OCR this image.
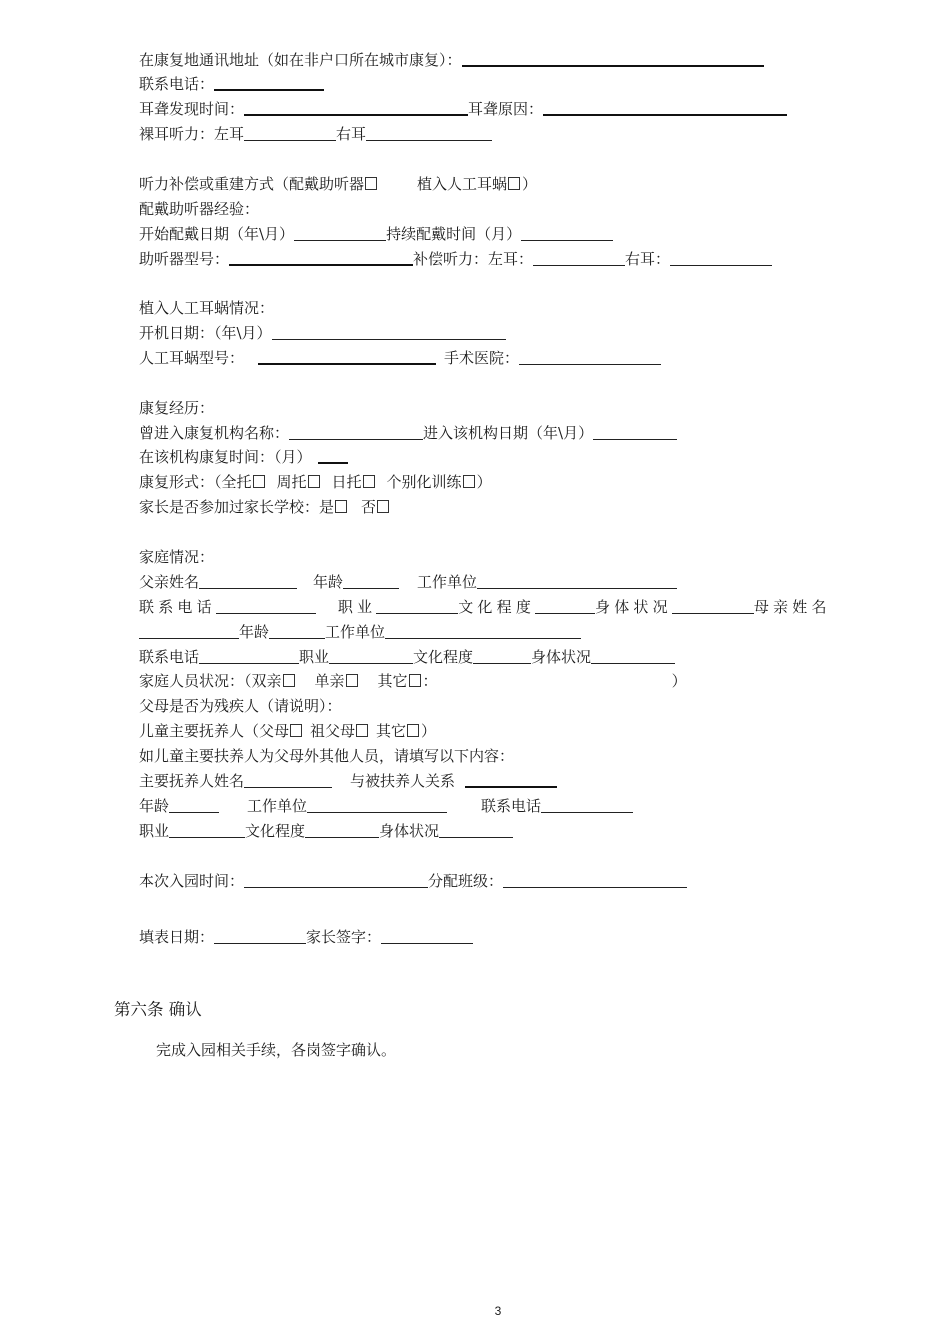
在康复地通讯地址（如在非户口所在城市康复）：
联系电话：
耳聋发现时间：	耳聋原因：
裸耳听力：左耳	右耳
听力补偿或重建方式（配戴助听器	植入人工耳蜗 ）
配戴助听器经验：
开始配戴日期（年\月）	持续配戴时间（月）
助听器型号：	补偿听力：左耳：	右耳：
植入人工耳蜗情况：
开机日期：（年\月）
人工耳蜗型号：	手术医院：
康复经历：
曾进入康复机构名称：	进入该机构日期（年\月）
在该机构康复时间：（月）
康复形式：（全托 周托 日托 个别化训练 ）
家长是否参加过家长学校：是 否
家庭情况：
父亲姓名	年龄	工作单位
联系电话	职业	文化程度	身体状况	母亲姓名
年龄	工作单位
联系电话	职业	文化程度	身体状况
家庭人员状况：（双亲 单亲 其它 ：	）
父母是否为残疾人（请说明）：
儿童主要抚养人（父母 祖父母 其它 ）
如儿童主要扶养人为父母外其他人员，请填写以下内容：
主要抚养人姓名	与被扶养人关系
年龄	工作单位	联系电话
职业	文化程度	身体状况
本次入园时间：	分配班级：
填表日期：	家长签字：
第六条 确认
完成入园相关手续，各岗签字确认。
3
